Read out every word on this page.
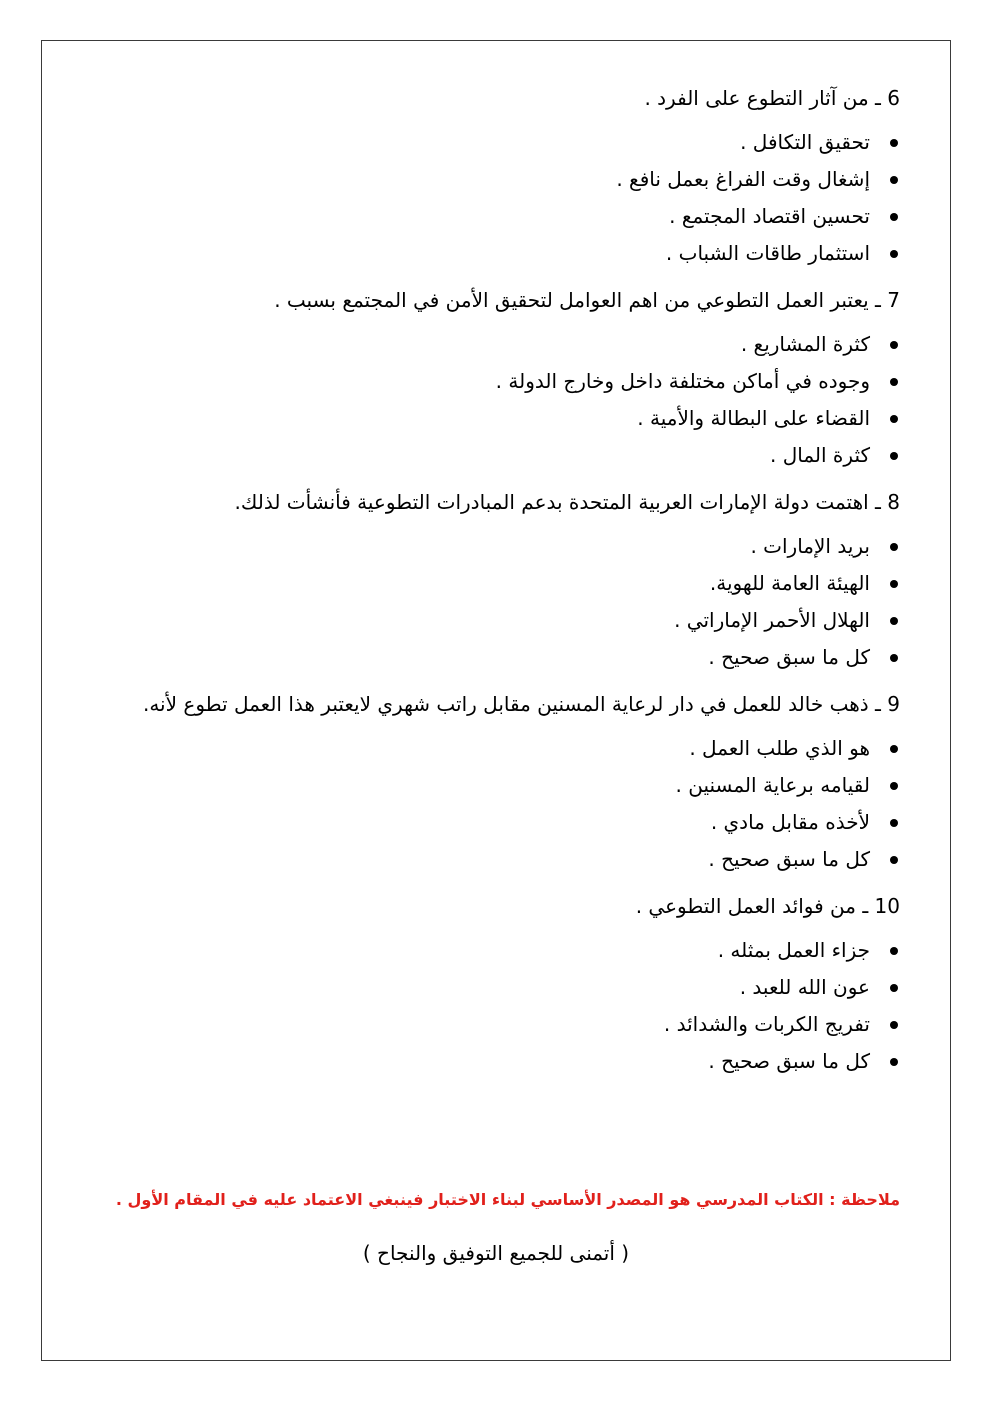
6 ـ من آثار التطوع على الفرد .
تحقيق التكافل .
إشغال وقت الفراغ بعمل نافع .
تحسين اقتصاد المجتمع .
استثمار طاقات الشباب .
7 ـ يعتبر العمل التطوعي من اهم العوامل لتحقيق الأمن في المجتمع بسبب .
كثرة المشاريع .
وجوده في أماكن مختلفة داخل وخارج الدولة .
القضاء على البطالة والأمية .
كثرة المال .
8 ـ اهتمت دولة الإمارات العربية المتحدة بدعم المبادرات التطوعية فأنشأت لذلك.
بريد الإمارات .
الهيئة العامة للهوية.
الهلال الأحمر الإماراتي .
كل ما سبق صحيح .
9 ـ ذهب خالد للعمل في دار لرعاية المسنين مقابل راتب شهري لايعتبر هذا العمل تطوع لأنه.
هو الذي طلب العمل .
لقيامه برعاية المسنين .
لأخذه مقابل مادي .
كل ما سبق صحيح .
10 ـ من فوائد العمل التطوعي .
جزاء العمل بمثله .
عون الله للعبد .
تفريج الكربات والشدائد .
كل ما سبق صحيح .
ملاحظة : الكتاب المدرسي هو المصدر الأساسي لبناء الاختبار فينبغي الاعتماد عليه في المقام الأول .
( أتمنى للجميع التوفيق والنجاح )
